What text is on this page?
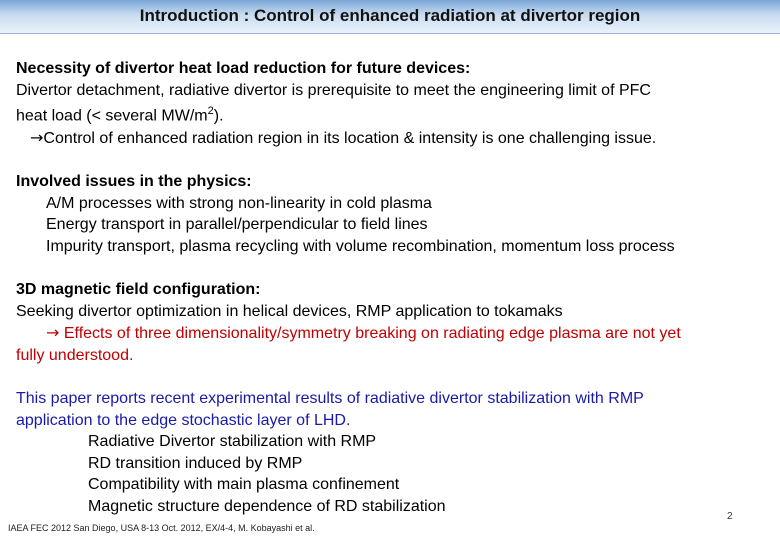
Introduction : Control of enhanced radiation at divertor region
Necessity of divertor heat load reduction for future devices:
Divertor detachment, radiative divertor is prerequisite to meet the engineering limit of PFC
heat load (< several $MW/m^2$).
→Control of enhanced radiation region in its location & intensity is one challenging issue.
Involved issues in the physics:
A/M processes with strong non-linearity in cold plasma
Energy transport in parallel/perpendicular to field lines
Impurity transport, plasma recycling with volume recombination, momentum loss process
3D magnetic field configuration:
Seeking divertor optimization in helical devices, RMP application to tokamaks
→ Effects of three dimensionality/symmetry breaking on radiating edge plasma are not yet
fully understood.
This paper reports recent experimental results of radiative divertor stabilization with RMP
application to the edge stochastic layer of LHD.
Radiative Divertor stabilization with RMP
RD transition induced by RMP
Compatibility with main plasma confinement
Magnetic structure dependence of RD stabilization
2
IAEA FEC 2012 San Diego, USA 8-13 Oct. 2012, EX/4-4, M. Kobayashi et al.
